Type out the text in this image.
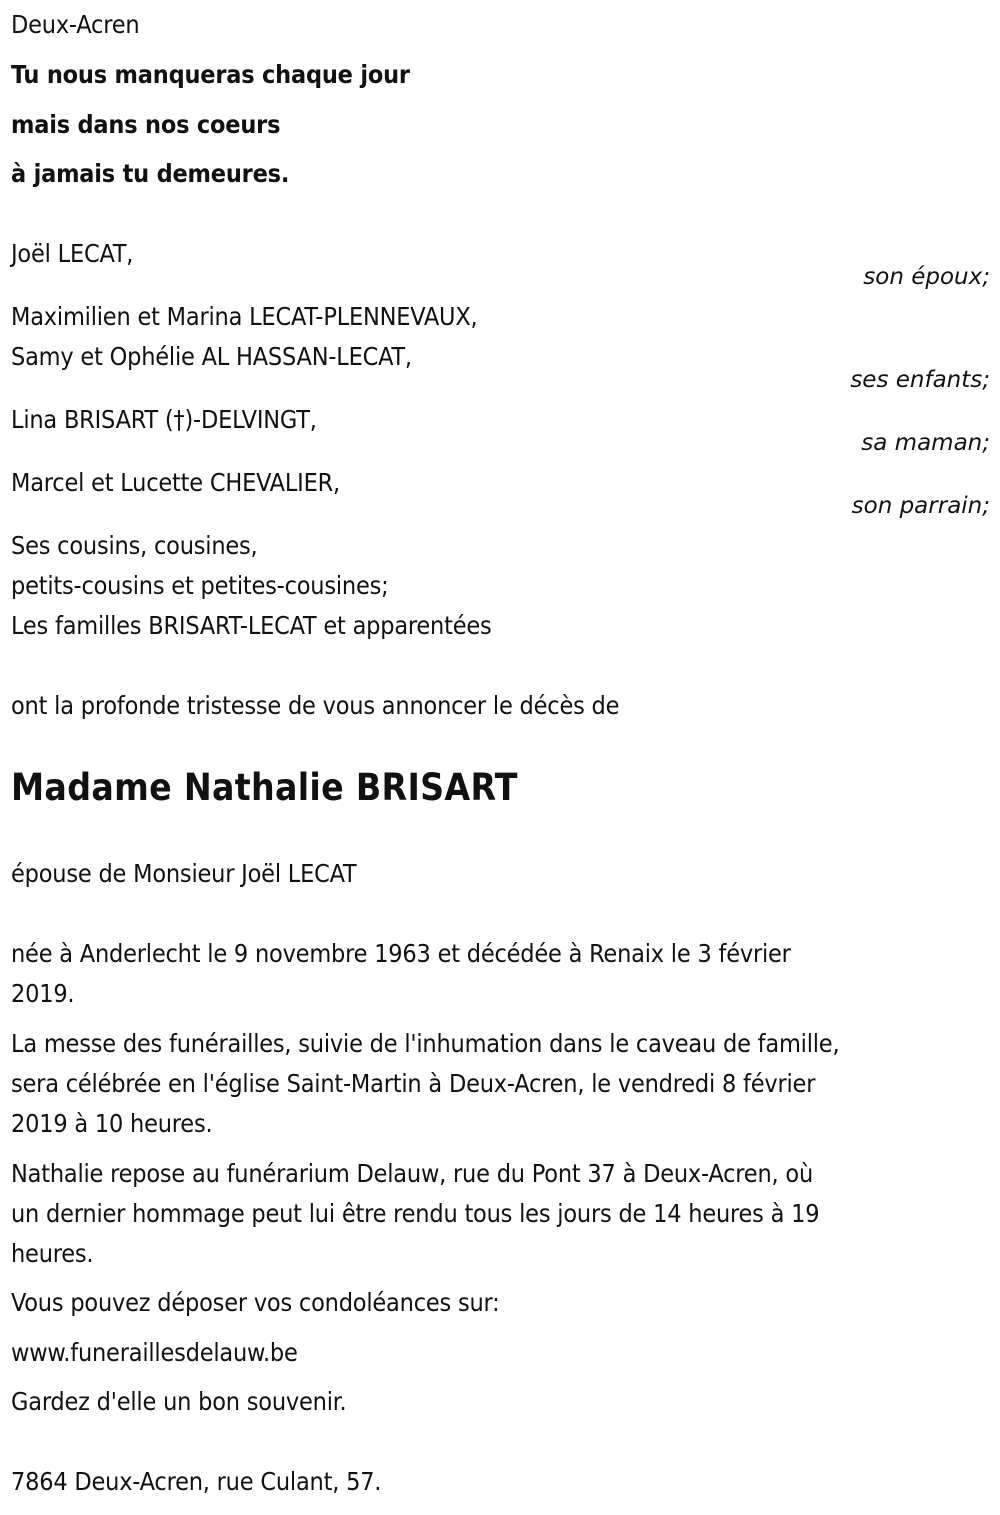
Deux-Acren
Tu nous manqueras chaque jour
mais dans nos coeurs
à jamais tu demeures.
Joël LECAT,
son époux;
Maximilien et Marina LECAT-PLENNEVAUX,
Samy et Ophélie AL HASSAN-LECAT,
ses enfants;
Lina BRISART (†)-DELVINGT,
sa maman;
Marcel et Lucette CHEVALIER,
son parrain;
Ses cousins, cousines,
petits-cousins et petites-cousines;
Les familles BRISART-LECAT et apparentées
ont la profonde tristesse de vous annoncer le décès de
Madame Nathalie BRISART
épouse de Monsieur Joël LECAT
née à Anderlecht le 9 novembre 1963 et décédée à Renaix le 3 février
2019.
La messe des funérailles, suivie de l'inhumation dans le caveau de famille,
sera célébrée en l'église Saint-Martin à Deux-Acren, le vendredi 8 février
2019 à 10 heures.
Nathalie repose au funérarium Delauw, rue du Pont 37 à Deux-Acren, où
un dernier hommage peut lui être rendu tous les jours de 14 heures à 19
heures.
Vous pouvez déposer vos condoléances sur:
www.funeraillesdelauw.be
Gardez d'elle un bon souvenir.
7864 Deux-Acren, rue Culant, 57.
